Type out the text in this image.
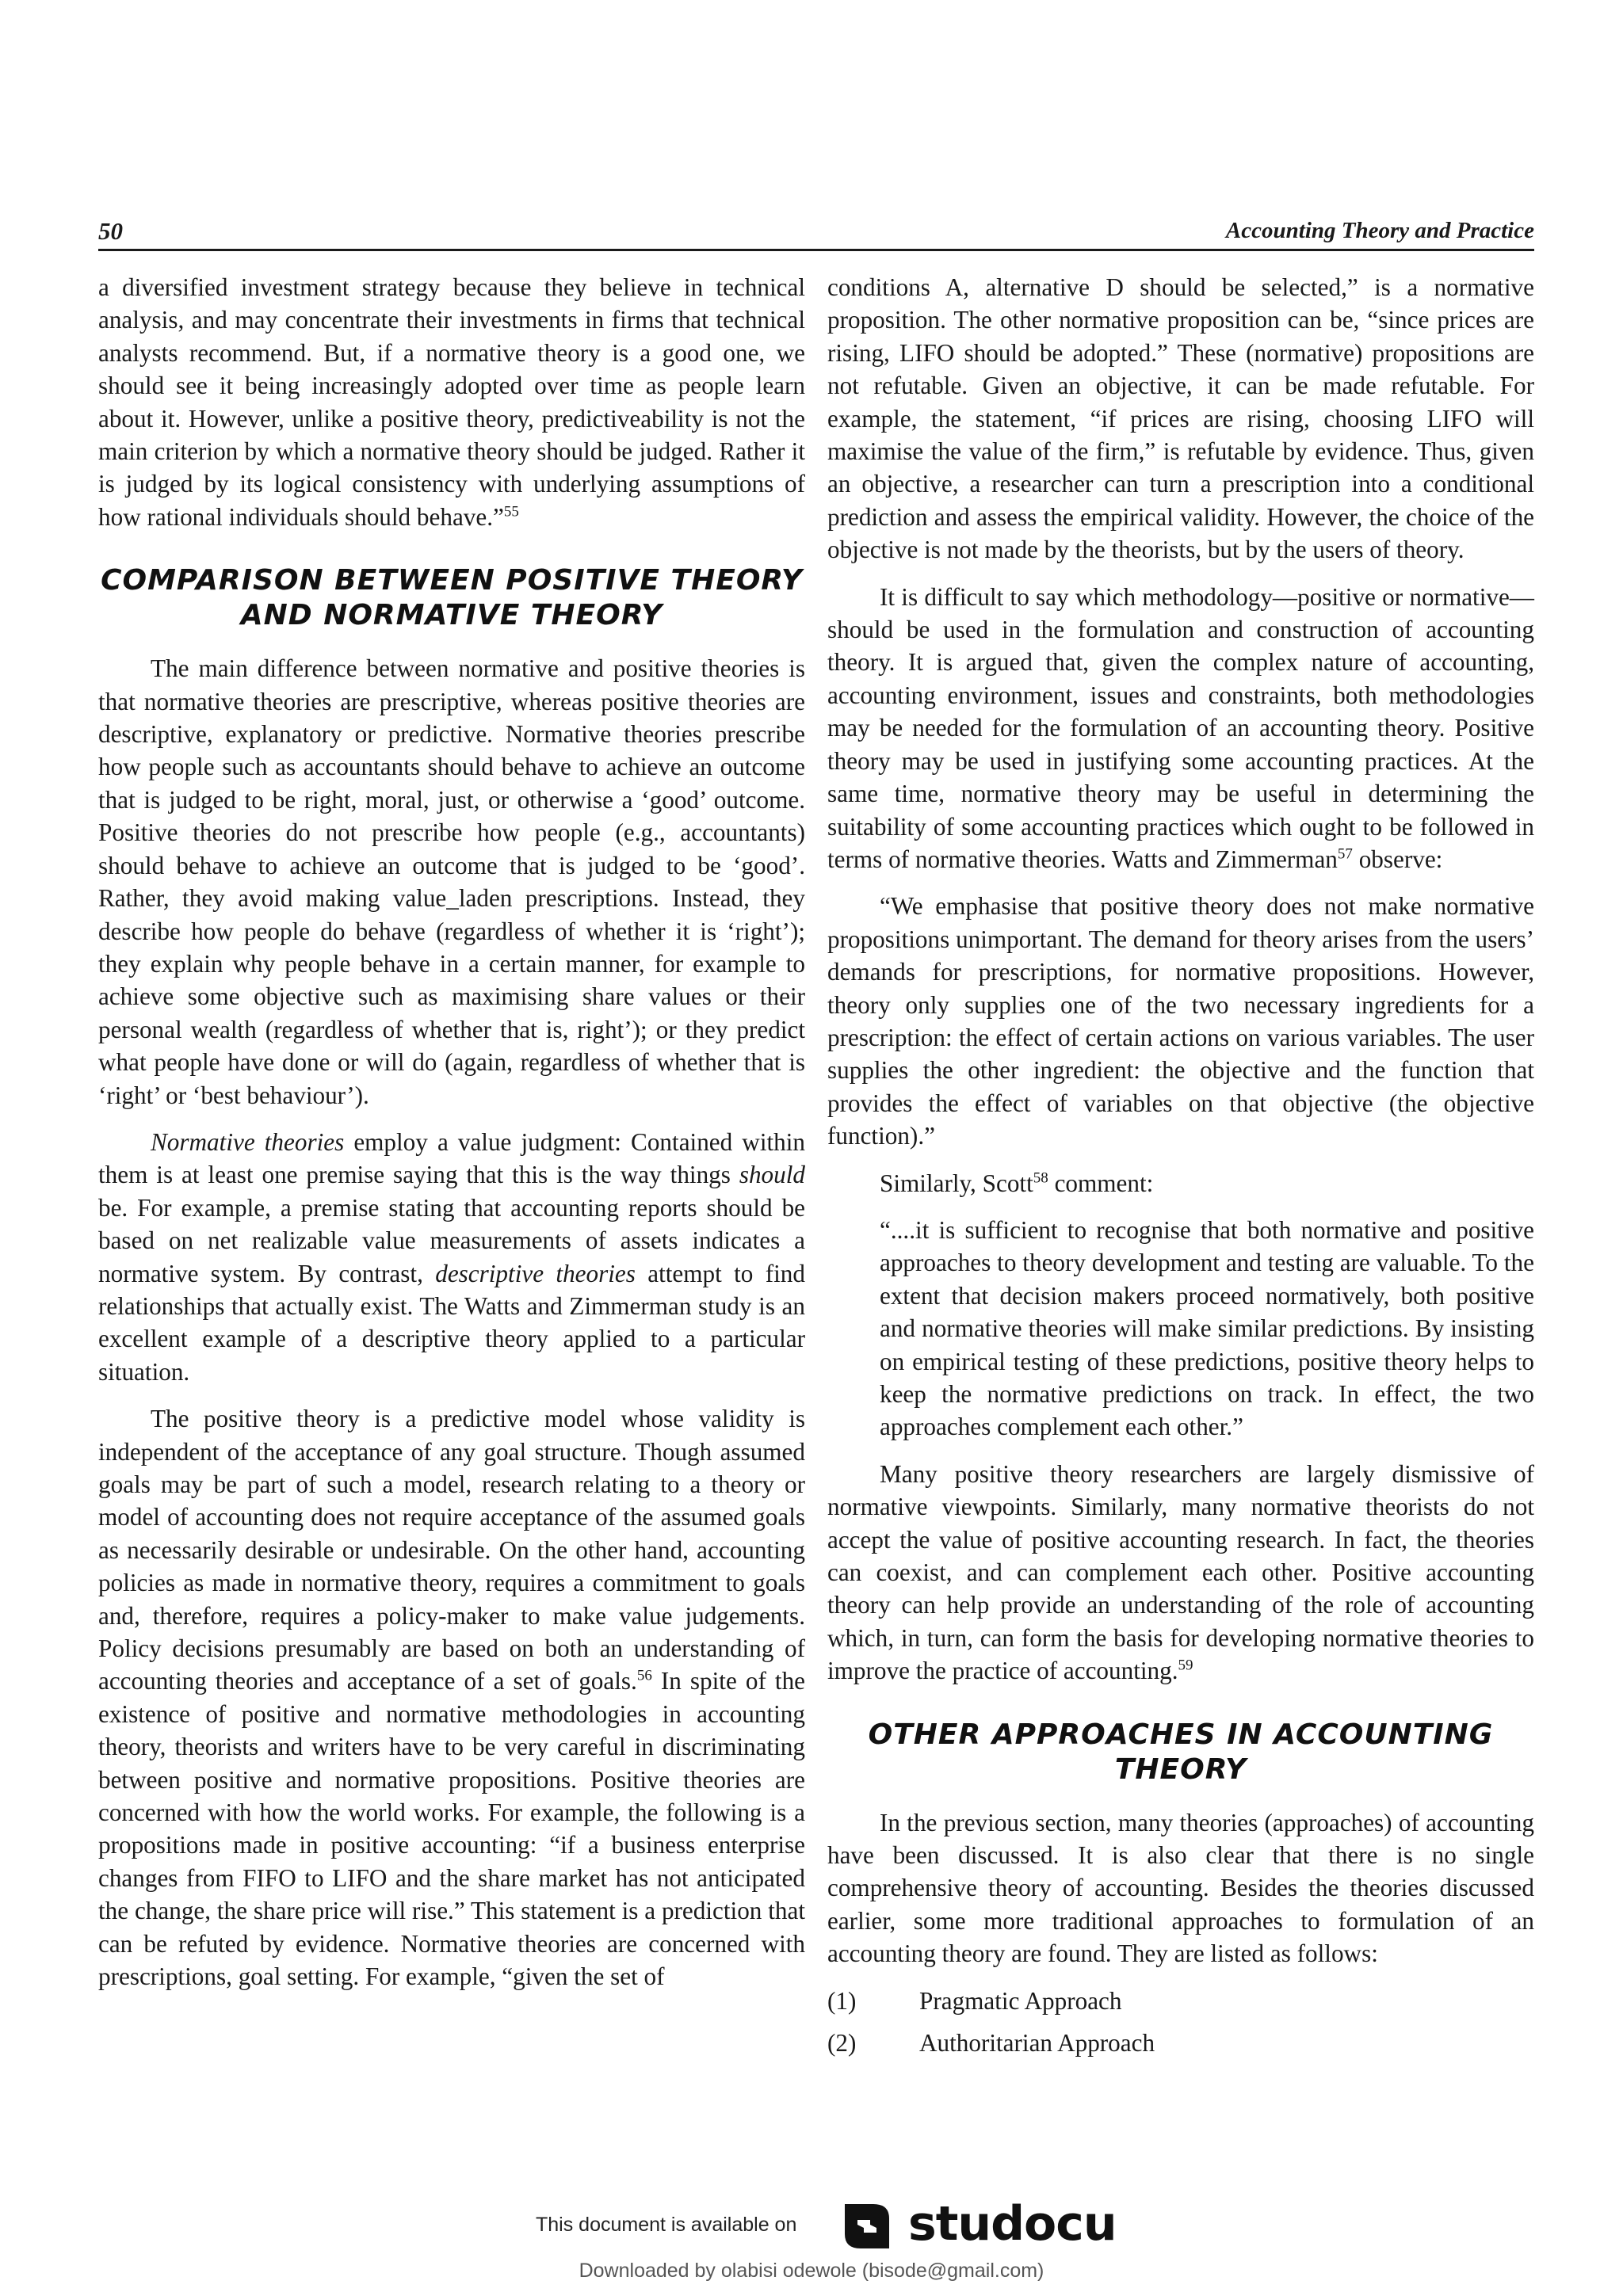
50	Accounting Theory and Practice

a diversified investment strategy because they believe in technical analysis, and may concentrate their investments in firms that technical analysts recommend. But, if a normative theory is a good one, we should see it being increasingly adopted over time as people learn about it. However, unlike a positive theory, predictiveability is not the main criterion by which a normative theory should be judged. Rather it is judged by its logical consistency with underlying assumptions of how rational individuals should behave.”$^{55}$

COMPARISON BETWEEN POSITIVE THEORY AND NORMATIVE THEORY

The main difference between normative and positive theories is that normative theories are prescriptive, whereas positive theories are descriptive, explanatory or predictive. Normative theories prescribe how people such as accountants should behave to achieve an outcome that is judged to be right, moral, just, or otherwise a ‘good’ outcome. Positive theories do not prescribe how people (e.g., accountants) should behave to achieve an outcome that is judged to be ‘good’. Rather, they avoid making value_laden prescriptions. Instead, they describe how people do behave (regardless of whether it is ‘right’); they explain why people behave in a certain manner, for example to achieve some objective such as maximising share values or their personal wealth (regardless of whether that is, right’); or they predict what people have done or will do (again, regardless of whether that is ‘right’ or ‘best behaviour’).

Normative theories employ a value judgment: Contained within them is at least one premise saying that this is the way things should be. For example, a premise stating that accounting reports should be based on net realizable value measurements of assets indicates a normative system. By contrast, descriptive theories attempt to find relationships that actually exist. The Watts and Zimmerman study is an excellent example of a descriptive theory applied to a particular situation.

The positive theory is a predictive model whose validity is independent of the acceptance of any goal structure. Though assumed goals may be part of such a model, research relating to a theory or model of accounting does not require acceptance of the assumed goals as necessarily desirable or undesirable. On the other hand, accounting policies as made in normative theory, requires a commitment to goals and, therefore, requires a policy-maker to make value judgements. Policy decisions presumably are based on both an understanding of accounting theories and acceptance of a set of goals.$^{56}$ In spite of the existence of positive and normative methodologies in accounting theory, theorists and writers have to be very careful in discriminating between positive and normative propositions. Positive theories are concerned with how the world works. For example, the following is a propositions made in positive accounting: “if a business enterprise changes from FIFO to LIFO and the share market has not anticipated the change, the share price will rise.” This statement is a prediction that can be refuted by evidence. Normative theories are concerned with prescriptions, goal setting. For example, “given the set of

conditions A, alternative D should be selected,” is a normative proposition. The other normative proposition can be, “since prices are rising, LIFO should be adopted.” These (normative) propositions are not refutable. Given an objective, it can be made refutable. For example, the statement, “if prices are rising, choosing LIFO will maximise the value of the firm,” is refutable by evidence. Thus, given an objective, a researcher can turn a prescription into a conditional prediction and assess the empirical validity. However, the choice of the objective is not made by the theorists, but by the users of theory.

It is difficult to say which methodology—positive or normative—should be used in the formulation and construction of accounting theory. It is argued that, given the complex nature of accounting, accounting environment, issues and constraints, both methodologies may be needed for the formulation of an accounting theory. Positive theory may be used in justifying some accounting practices. At the same time, normative theory may be useful in determining the suitability of some accounting practices which ought to be followed in terms of normative theories. Watts and Zimmerman$^{57}$ observe:

“We emphasise that positive theory does not make normative propositions unimportant. The demand for theory arises from the users’ demands for prescriptions, for normative propositions. However, theory only supplies one of the two necessary ingredients for a prescription: the effect of certain actions on various variables. The user supplies the other ingredient: the objective and the function that provides the effect of variables on that objective (the objective function).”

Similarly, Scott$^{58}$ comment:

“....it is sufficient to recognise that both normative and positive approaches to theory development and testing are valuable. To the extent that decision makers proceed normatively, both positive and normative theories will make similar predictions. By insisting on empirical testing of these predictions, positive theory helps to keep the normative predictions on track. In effect, the two approaches complement each other.”

Many positive theory researchers are largely dismissive of normative viewpoints. Similarly, many normative theorists do not accept the value of positive accounting research. In fact, the theories can coexist, and can complement each other. Positive accounting theory can help provide an understanding of the role of accounting which, in turn, can form the basis for developing normative theories to improve the practice of accounting.$^{59}$

OTHER APPROACHES IN ACCOUNTING THEORY

In the previous section, many theories (approaches) of accounting have been discussed. It is also clear that there is no single comprehensive theory of accounting. Besides the theories discussed earlier, some more traditional approaches to formulation of an accounting theory are found. They are listed as follows:

(1)	Pragmatic Approach
(2)	Authoritarian Approach
This document is available on studocu
Downloaded by olabisi odewole (bisode@gmail.com)
